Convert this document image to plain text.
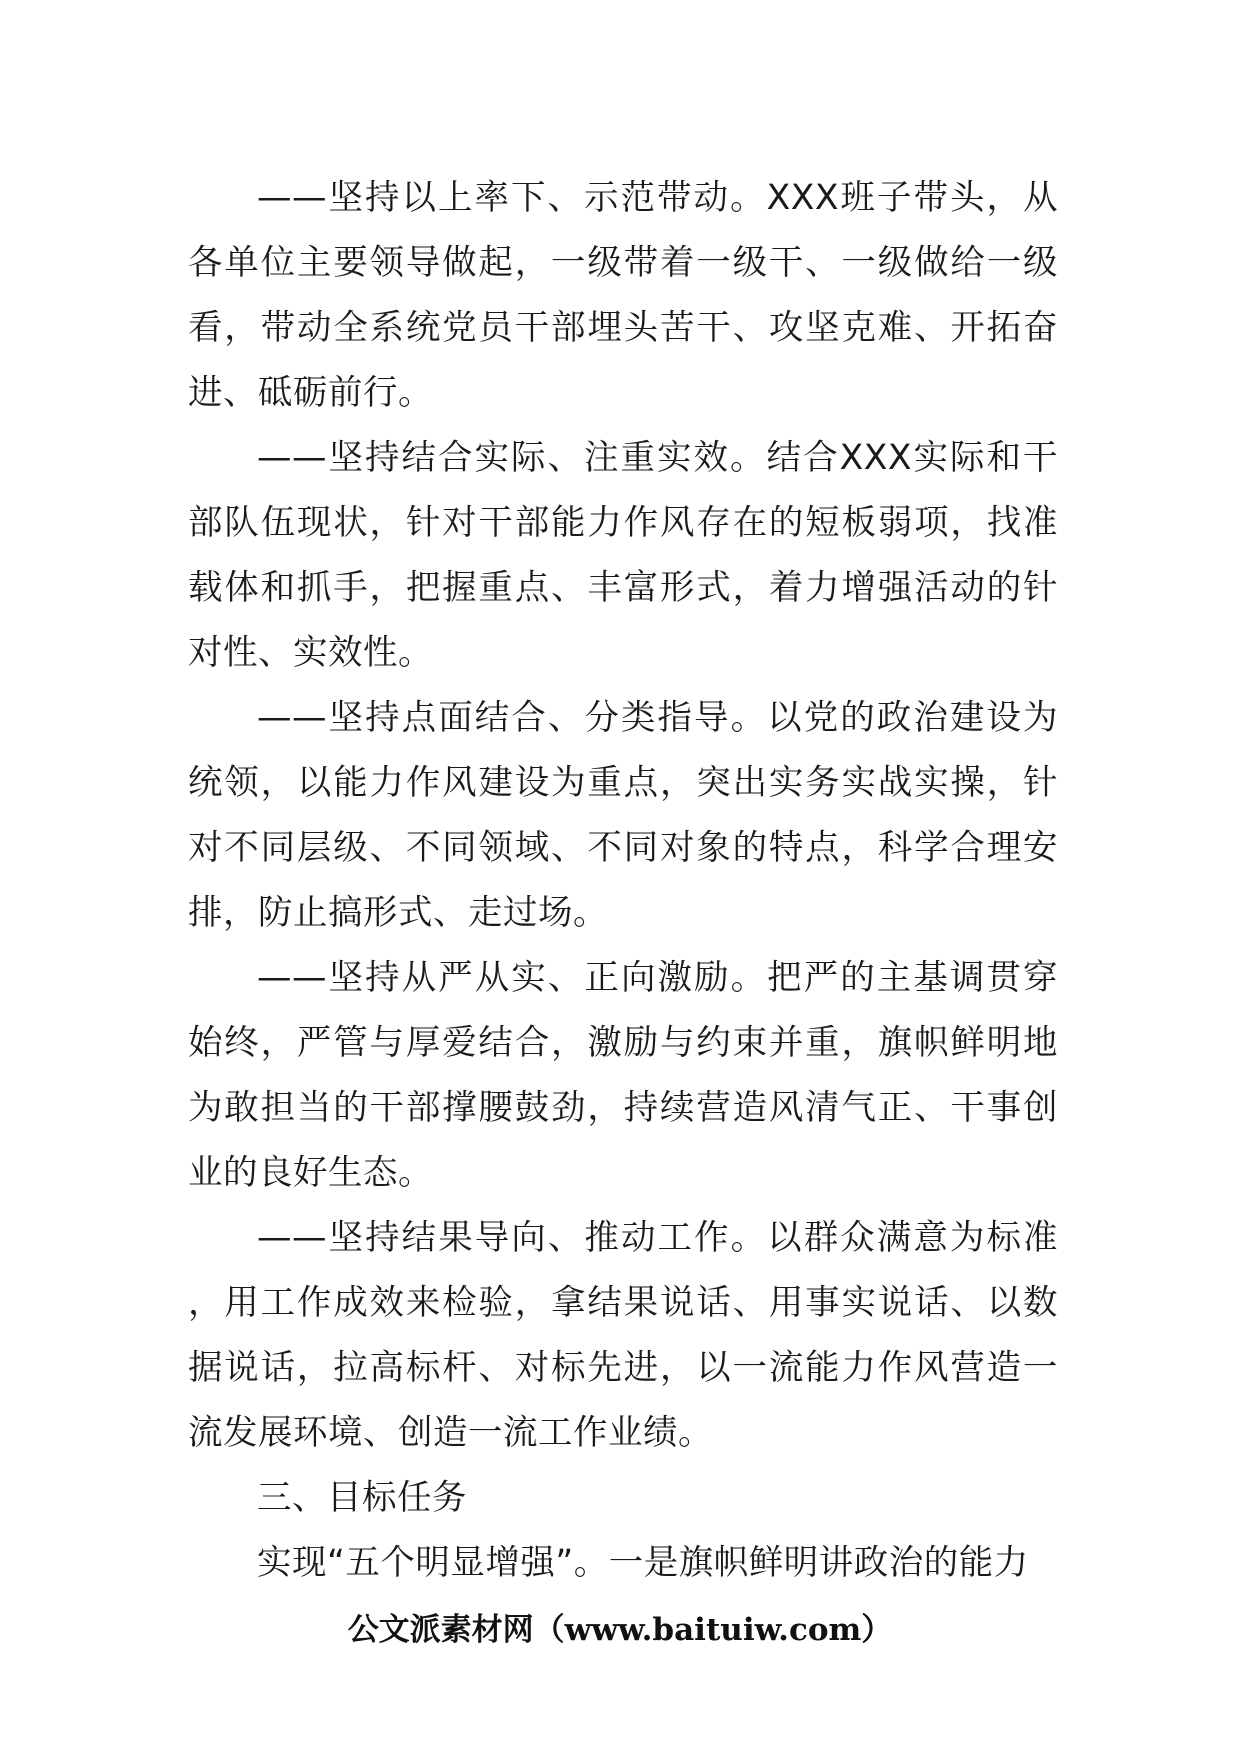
——坚持以上率下、示范带动。XXX班子带头，从各单位主要领导做起，一级带着一级干、一级做给一级看，带动全系统党员干部埋头苦干、攻坚克难、开拓奋进、砥砺前行。

——坚持结合实际、注重实效。结合XXX实际和干部队伍现状，针对干部能力作风存在的短板弱项，找准载体和抓手，把握重点、丰富形式，着力增强活动的针对性、实效性。

——坚持点面结合、分类指导。以党的政治建设为统领，以能力作风建设为重点，突出实务实战实操，针对不同层级、不同领域、不同对象的特点，科学合理安排，防止搞形式、走过场。

——坚持从严从实、正向激励。把严的主基调贯穿始终，严管与厚爱结合，激励与约束并重，旗帜鲜明地为敢担当的干部撑腰鼓劲，持续营造风清气正、干事创业的良好生态。

——坚持结果导向、推动工作。以群众满意为标准，用工作成效来检验，拿结果说话、用事实说话、以数据说话，拉高标杆、对标先进，以一流能力作风营造一流发展环境、创造一流工作业绩。

三、目标任务

实现“五个明显增强”。一是旗帜鲜明讲政治的能力

公文派素材网（www.baituiw.com）
